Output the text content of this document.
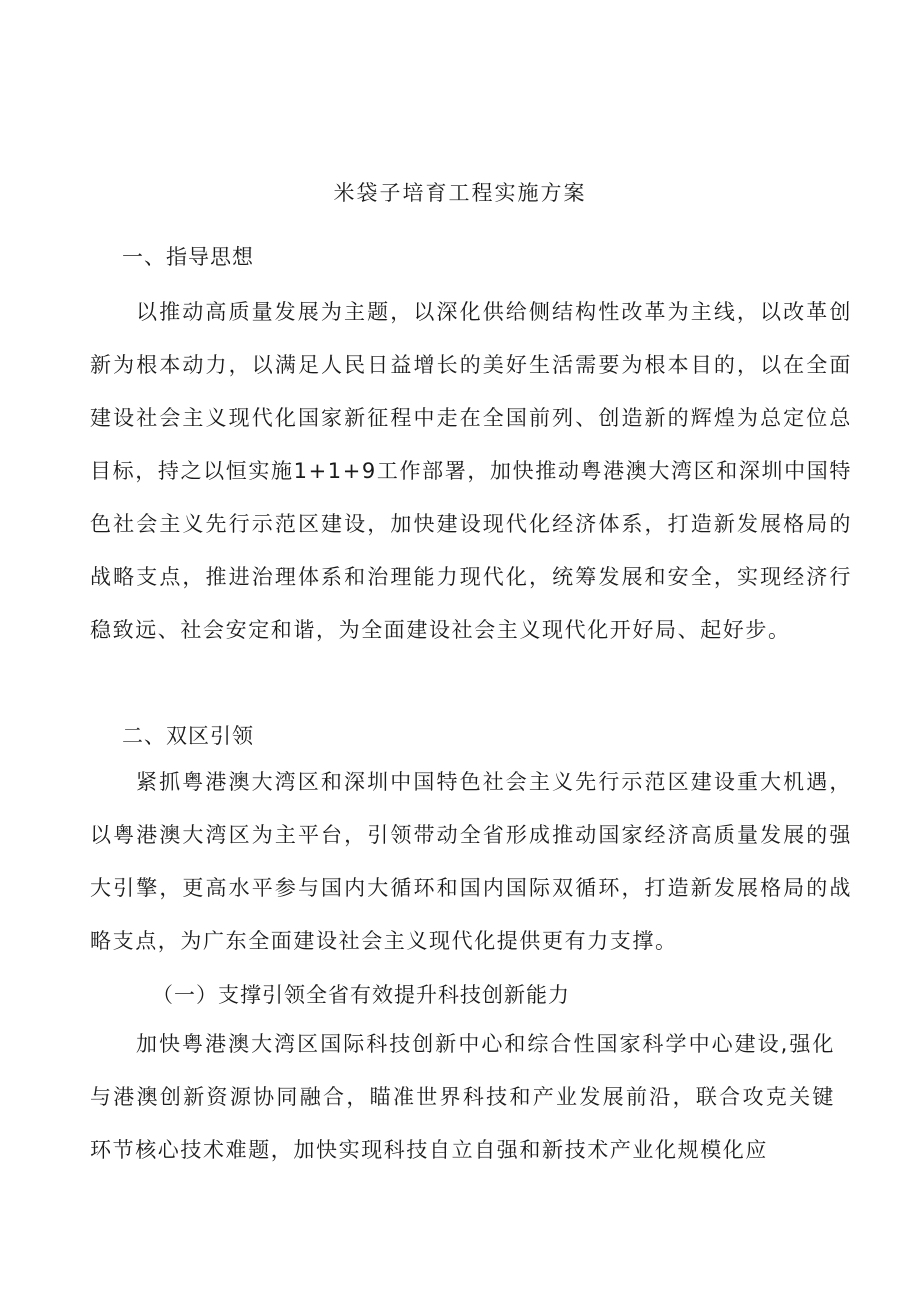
米袋子培育工程实施方案
一、指导思想

以推动高质量发展为主题，以深化供给侧结构性改革为主线，以改革创新为根本动力，以满足人民日益增长的美好生活需要为根本目的，以在全面建设社会主义现代化国家新征程中走在全国前列、创造新的辉煌为总定位总目标，持之以恒实施1+1+9工作部署，加快推动粤港澳大湾区和深圳中国特色社会主义先行示范区建设，加快建设现代化经济体系，打造新发展格局的战略支点，推进治理体系和治理能力现代化，统筹发展和安全，实现经济行稳致远、社会安定和谐，为全面建设社会主义现代化开好局、起好步。

二、双区引领

紧抓粤港澳大湾区和深圳中国特色社会主义先行示范区建设重大机遇，以粤港澳大湾区为主平台，引领带动全省形成推动国家经济高质量发展的强大引擎，更高水平参与国内大循环和国内国际双循环，打造新发展格局的战略支点，为广东全面建设社会主义现代化提供更有力支撑。

（一）支撑引领全省有效提升科技创新能力

加快粤港澳大湾区国际科技创新中心和综合性国家科学中心建设,强化与港澳创新资源协同融合，瞄准世界科技和产业发展前沿，联合攻克关键环节核心技术难题，加快实现科技自立自强和新技术产业化规模化应
